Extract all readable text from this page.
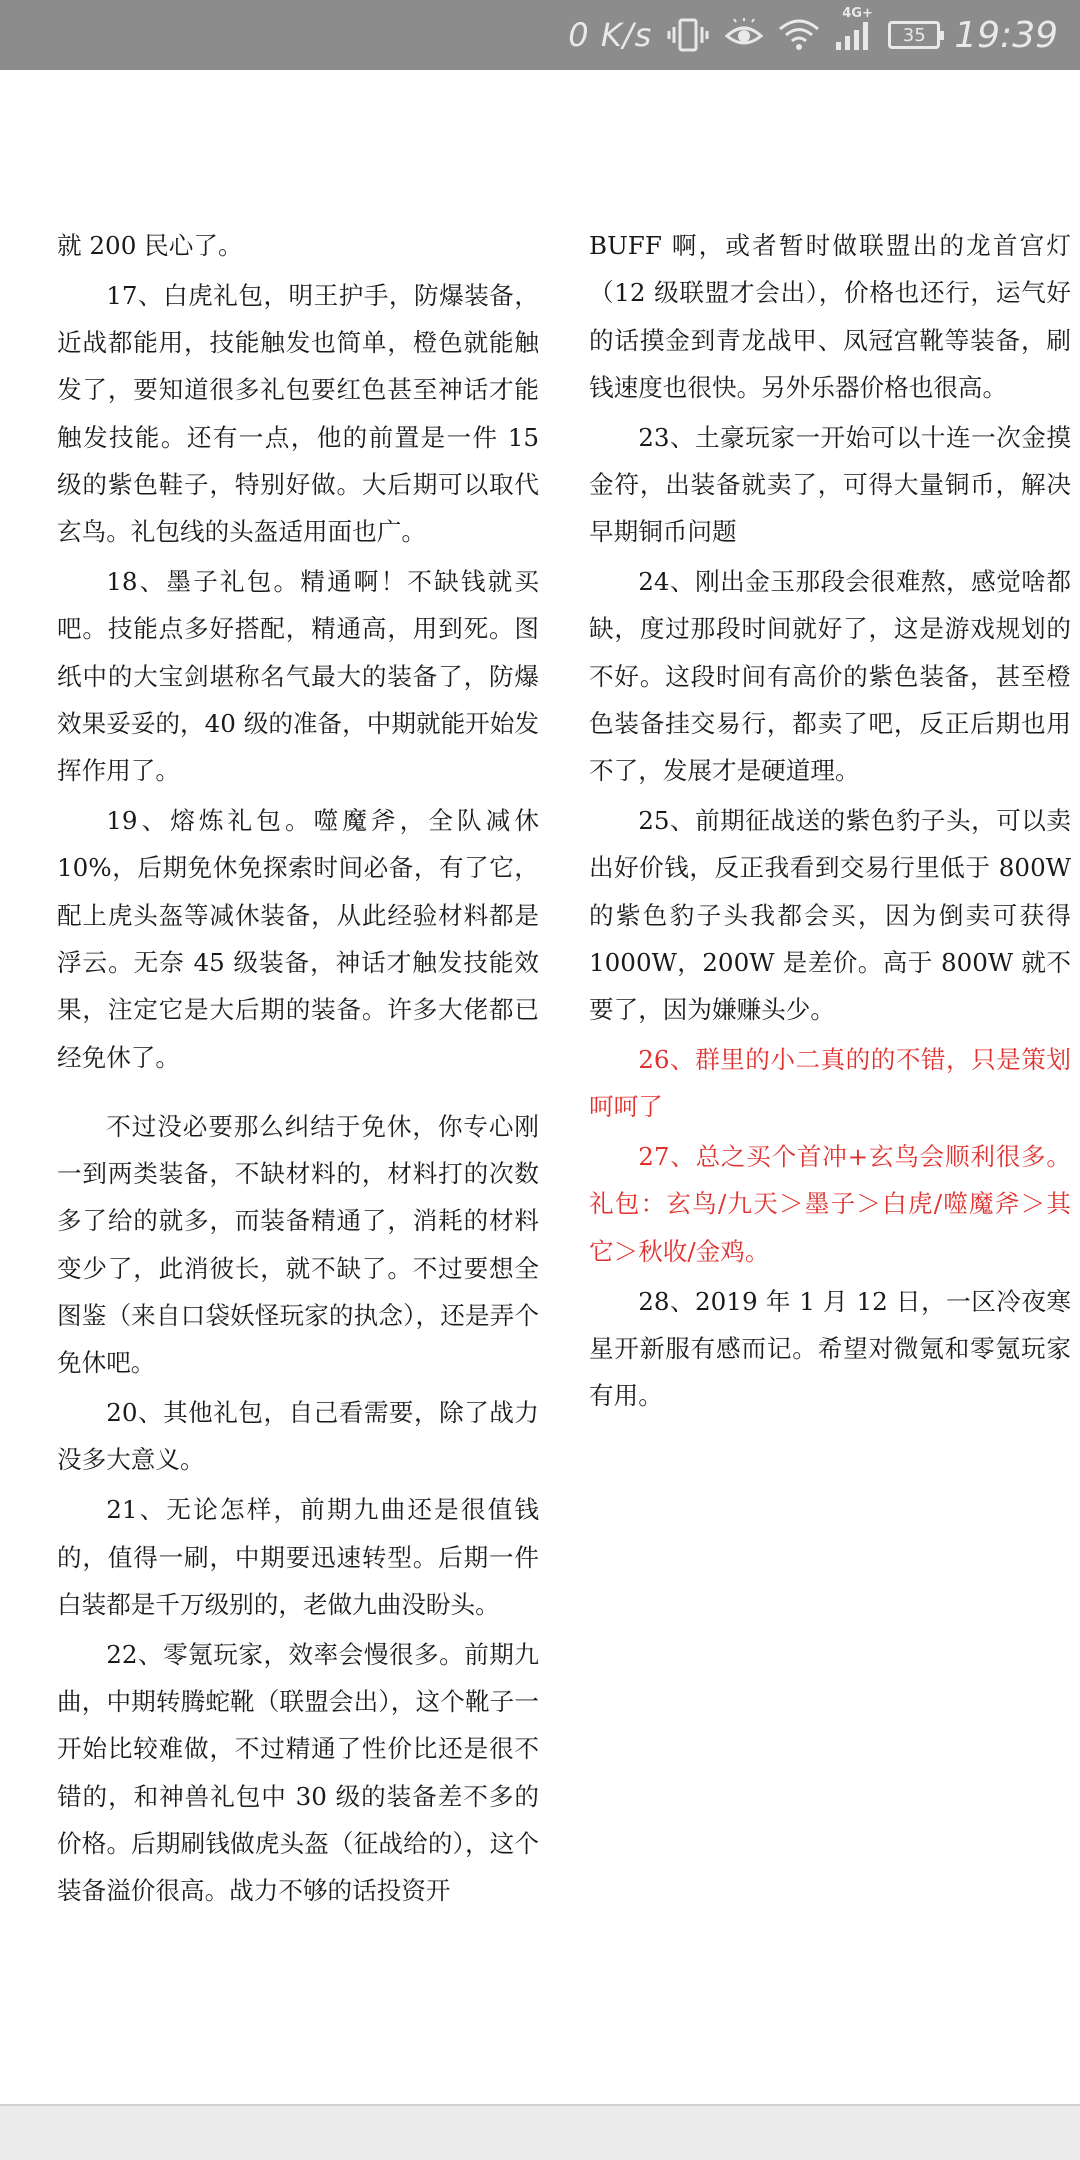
0 K/s
4G+
35 19:39

就 200 民心了。

17、白虎礼包，明王护手，防爆装备，近战都能用，技能触发也简单，橙色就能触发了，要知道很多礼包要红色甚至神话才能触发技能。还有一点，他的前置是一件 15 级的紫色鞋子，特别好做。大后期可以取代玄鸟。礼包线的头盔适用面也广。

18、墨子礼包。精通啊！不缺钱就买吧。技能点多好搭配，精通高，用到死。图纸中的大宝剑堪称名气最大的装备了，防爆效果妥妥的，40 级的准备，中期就能开始发挥作用了。

19、熔炼礼包。噬魔斧，全队减休 10%，后期免休免探索时间必备，有了它，配上虎头盔等减休装备，从此经验材料都是浮云。无奈 45 级装备，神话才触发技能效果，注定它是大后期的装备。许多大佬都已经免休了。

不过没必要那么纠结于免休，你专心刚一到两类装备，不缺材料的，材料打的次数多了给的就多，而装备精通了，消耗的材料变少了，此消彼长，就不缺了。不过要想全图鉴（来自口袋妖怪玩家的执念），还是弄个免休吧。

20、其他礼包，自己看需要，除了战力没多大意义。

21、无论怎样，前期九曲还是很值钱的，值得一刷，中期要迅速转型。后期一件白装都是千万级别的，老做九曲没盼头。

22、零氪玩家，效率会慢很多。前期九曲，中期转腾蛇靴（联盟会出），这个靴子一开始比较难做，不过精通了性价比还是很不错的，和神兽礼包中 30 级的装备差不多的价格。后期刷钱做虎头盔（征战给的），这个装备溢价很高。战力不够的话投资开

BUFF 啊，或者暂时做联盟出的龙首宫灯（12 级联盟才会出），价格也还行，运气好的话摸金到青龙战甲、凤冠宫靴等装备，刷钱速度也很快。另外乐器价格也很高。

23、土豪玩家一开始可以十连一次金摸金符，出装备就卖了，可得大量铜币，解决早期铜币问题

24、刚出金玉那段会很难熬，感觉啥都缺，度过那段时间就好了，这是游戏规划的不好。这段时间有高价的紫色装备，甚至橙色装备挂交易行，都卖了吧，反正后期也用不了，发展才是硬道理。

25、前期征战送的紫色豹子头，可以卖出好价钱，反正我看到交易行里低于 800W 的紫色豹子头我都会买，因为倒卖可获得 1000W，200W 是差价。高于 800W 就不要了，因为嫌赚头少。

26、群里的小二真的的不错，只是策划呵呵了

27、总之买个首冲+玄鸟会顺利很多。礼包：玄鸟/九天＞墨子＞白虎/噬魔斧＞其它＞秋收/金鸡。

28、2019 年 1 月 12 日，一区冷夜寒星开新服有感而记。希望对微氪和零氪玩家有用。
